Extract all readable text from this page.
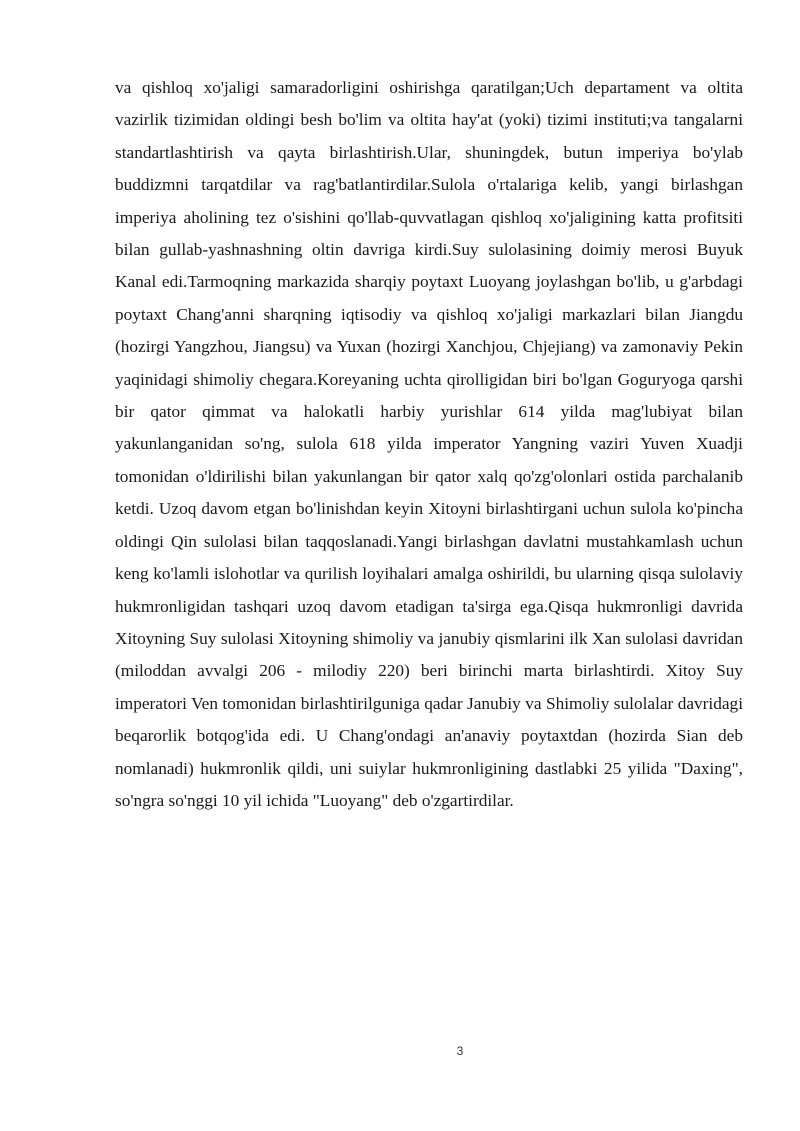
va qishloq xo'jaligi samaradorligini oshirishga qaratilgan;Uch departament va oltita vazirlik tizimidan oldingi besh bo'lim va oltita hay'at (yoki) tizimi instituti;va tangalarni standartlashtirish va qayta birlashtirish.Ular, shuningdek, butun imperiya bo'ylab buddizmni tarqatdilar va rag'batlantirdilar.Sulola o'rtalariga kelib, yangi birlashgan imperiya aholining tez o'sishini qo'llab-quvvatlagan qishloq xo'jaligining katta profitsiti bilan gullab-yashnashning oltin davriga kirdi.Suy sulolasining doimiy merosi Buyuk Kanal edi.Tarmoqning markazida sharqiy poytaxt Luoyang joylashgan bo'lib, u g'arbdagi poytaxt Chang'anni sharqning iqtisodiy va qishloq xo'jaligi markazlari bilan Jiangdu (hozirgi Yangzhou, Jiangsu) va Yuxan (hozirgi Xanchjou, Chjejiang) va zamonaviy Pekin yaqinidagi shimoliy chegara.Koreyaning uchta qirolligidan biri bo'lgan Goguryoga qarshi bir qator qimmat va halokatli harbiy yurishlar 614 yilda mag'lubiyat bilan yakunlanganidan so'ng, sulola 618 yilda imperator Yangning vaziri Yuven Xuadji tomonidan o'ldirilishi bilan yakunlangan bir qator xalq qo'zg'olonlari ostida parchalanib ketdi. Uzoq davom etgan bo'linishdan keyin Xitoyni birlashtirgani uchun sulola ko'pincha oldingi Qin sulolasi bilan taqqoslanadi.Yangi birlashgan davlatni mustahkamlash uchun keng ko'lamli islohotlar va qurilish loyihalari amalga oshirildi, bu ularning qisqa sulolaviy hukmronligidan tashqari uzoq davom etadigan ta'sirga ega.Qisqa hukmronligi davrida Xitoyning Suy sulolasi Xitoyning shimoliy va janubiy qismlarini ilk Xan sulolasi davridan (miloddan avvalgi 206 - milodiy 220) beri birinchi marta birlashtirdi. Xitoy Suy imperatori Ven tomonidan birlashtirilguniga qadar Janubiy va Shimoliy sulolalar davridagi beqarorlik botqog'ida edi. U Chang'ondagi an'anaviy poytaxtdan (hozirda Sian deb nomlanadi) hukmronlik qildi, uni suiylar hukmronligining dastlabki 25 yilida "Daxing", so'ngra so'nggi 10 yil ichida "Luoyang" deb o'zgartirdilar.

3
